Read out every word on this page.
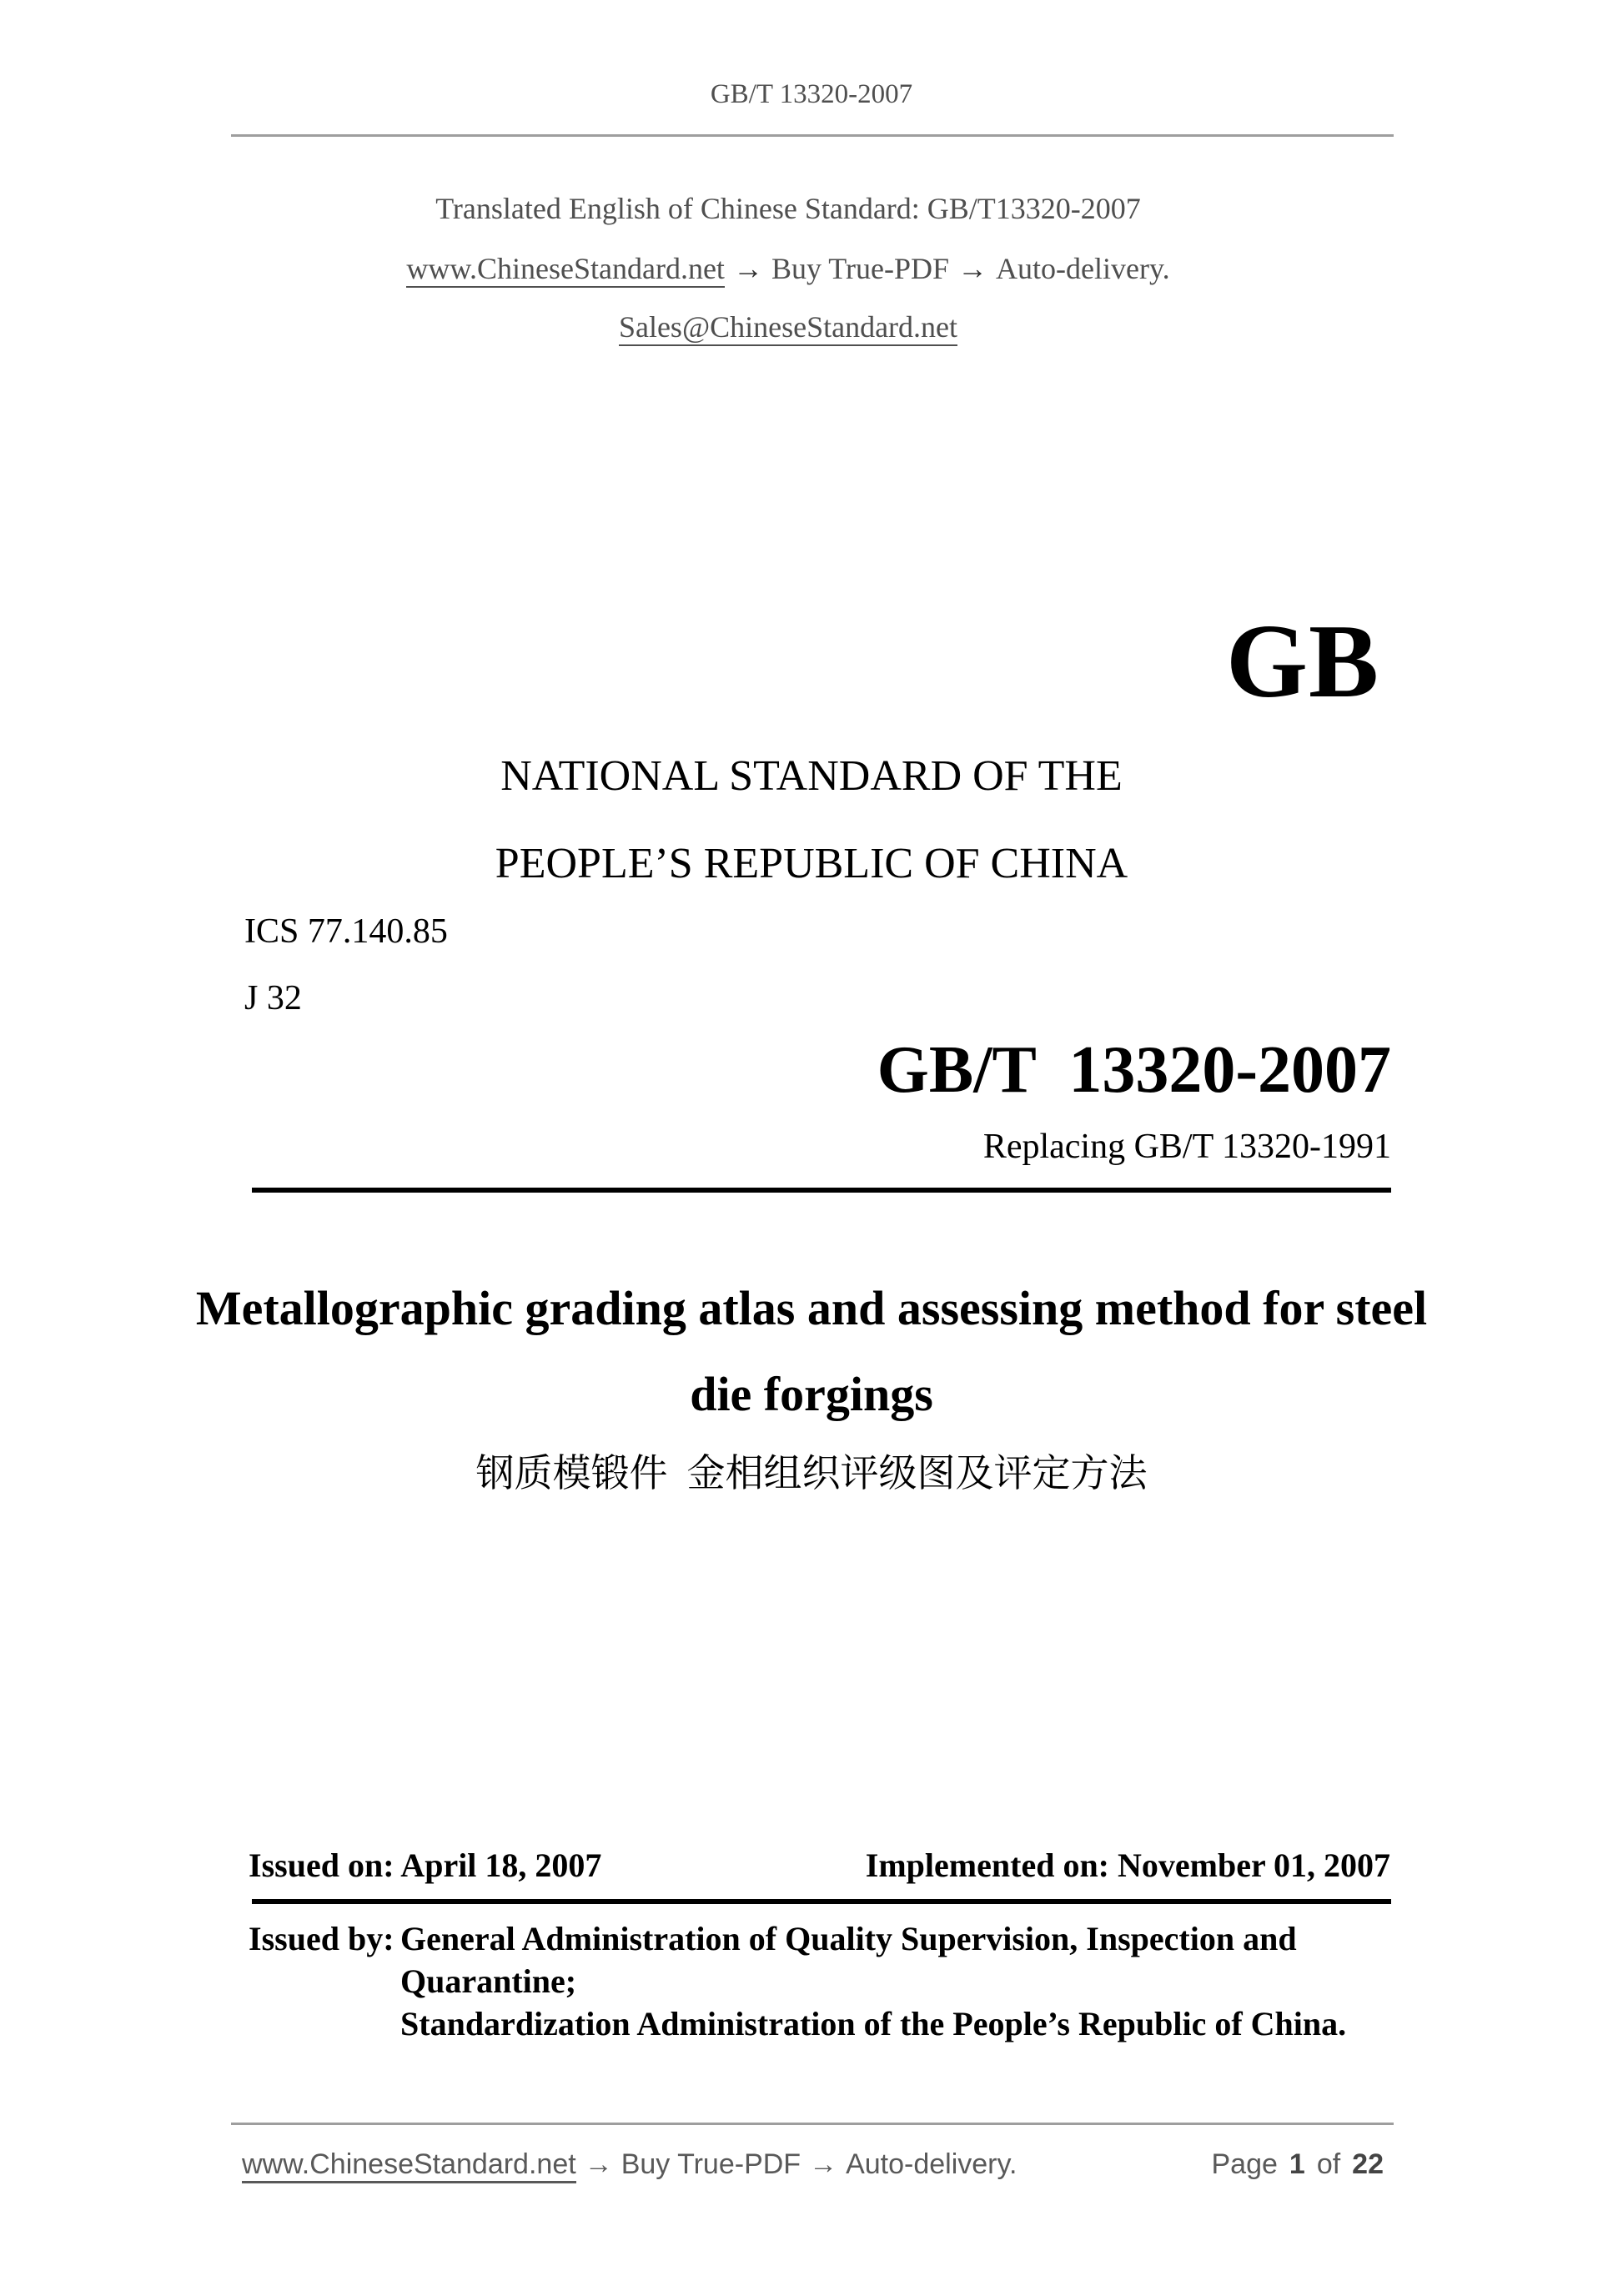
GB/T 13320-2007
Translated English of Chinese Standard: GB/T13320-2007
www.ChineseStandard.net → Buy True-PDF → Auto-delivery.
Sales@ChineseStandard.net
GB
NATIONAL STANDARD OF THE
PEOPLE’S REPUBLIC OF CHINA
ICS 77.140.85
J 32
GB/T  13320-2007
Replacing GB/T 13320-1991
Metallographic grading atlas and assessing method for steel
die forgings
钢质模锻件  金相组织评级图及评定方法
Issued on: April 18, 2007	Implemented on: November 01, 2007
Issued by: General Administration of Quality Supervision, Inspection and
Quarantine;
Standardization Administration of the People’s Republic of China.
www.ChineseStandard.net → Buy True-PDF → Auto-delivery.	Page 1 of 22
